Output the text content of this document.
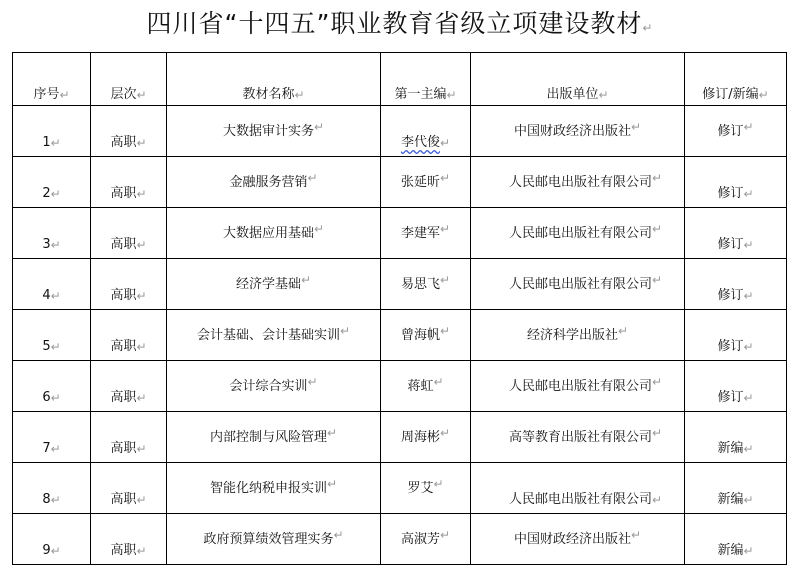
四川省“十四五”职业教育省级立项建设教材↵
序号 ↵	层次 ↵	教材名称 ↵	第一主编 ↵	出版单位 ↵	修订/新编 ↵

1 ↵	高职 ↵	大数据审计实务 ↵	李代俊 ↵	中国财政经济出版社 ↵	修订 ↵

2 ↵	高职 ↵	金融服务营销 ↵	张延昕 ↵	人民邮电出版社有限公司 ↵	修订 ↵

3 ↵	高职 ↵	大数据应用基础 ↵	李建军 ↵	人民邮电出版社有限公司 ↵	修订 ↵

4 ↵	高职 ↵	经济学基础 ↵	易思飞 ↵	人民邮电出版社有限公司 ↵	修订 ↵

5 ↵	高职 ↵	会计基础、会计基础实训 ↵	曾海帆 ↵	经济科学出版社 ↵	修订 ↵

6 ↵	高职 ↵	会计综合实训 ↵	蒋虹 ↵	人民邮电出版社有限公司 ↵	修订 ↵

7 ↵	高职 ↵	内部控制与风险管理 ↵	周海彬 ↵	高等教育出版社有限公司 ↵	新编 ↵

8 ↵	高职 ↵	智能化纳税申报实训 ↵	罗艾 ↵	人民邮电出版社有限公司 ↵	新编 ↵

9 ↵	高职 ↵	政府预算绩效管理实务 ↵	高淑芳 ↵	中国财政经济出版社 ↵	新编 ↵
